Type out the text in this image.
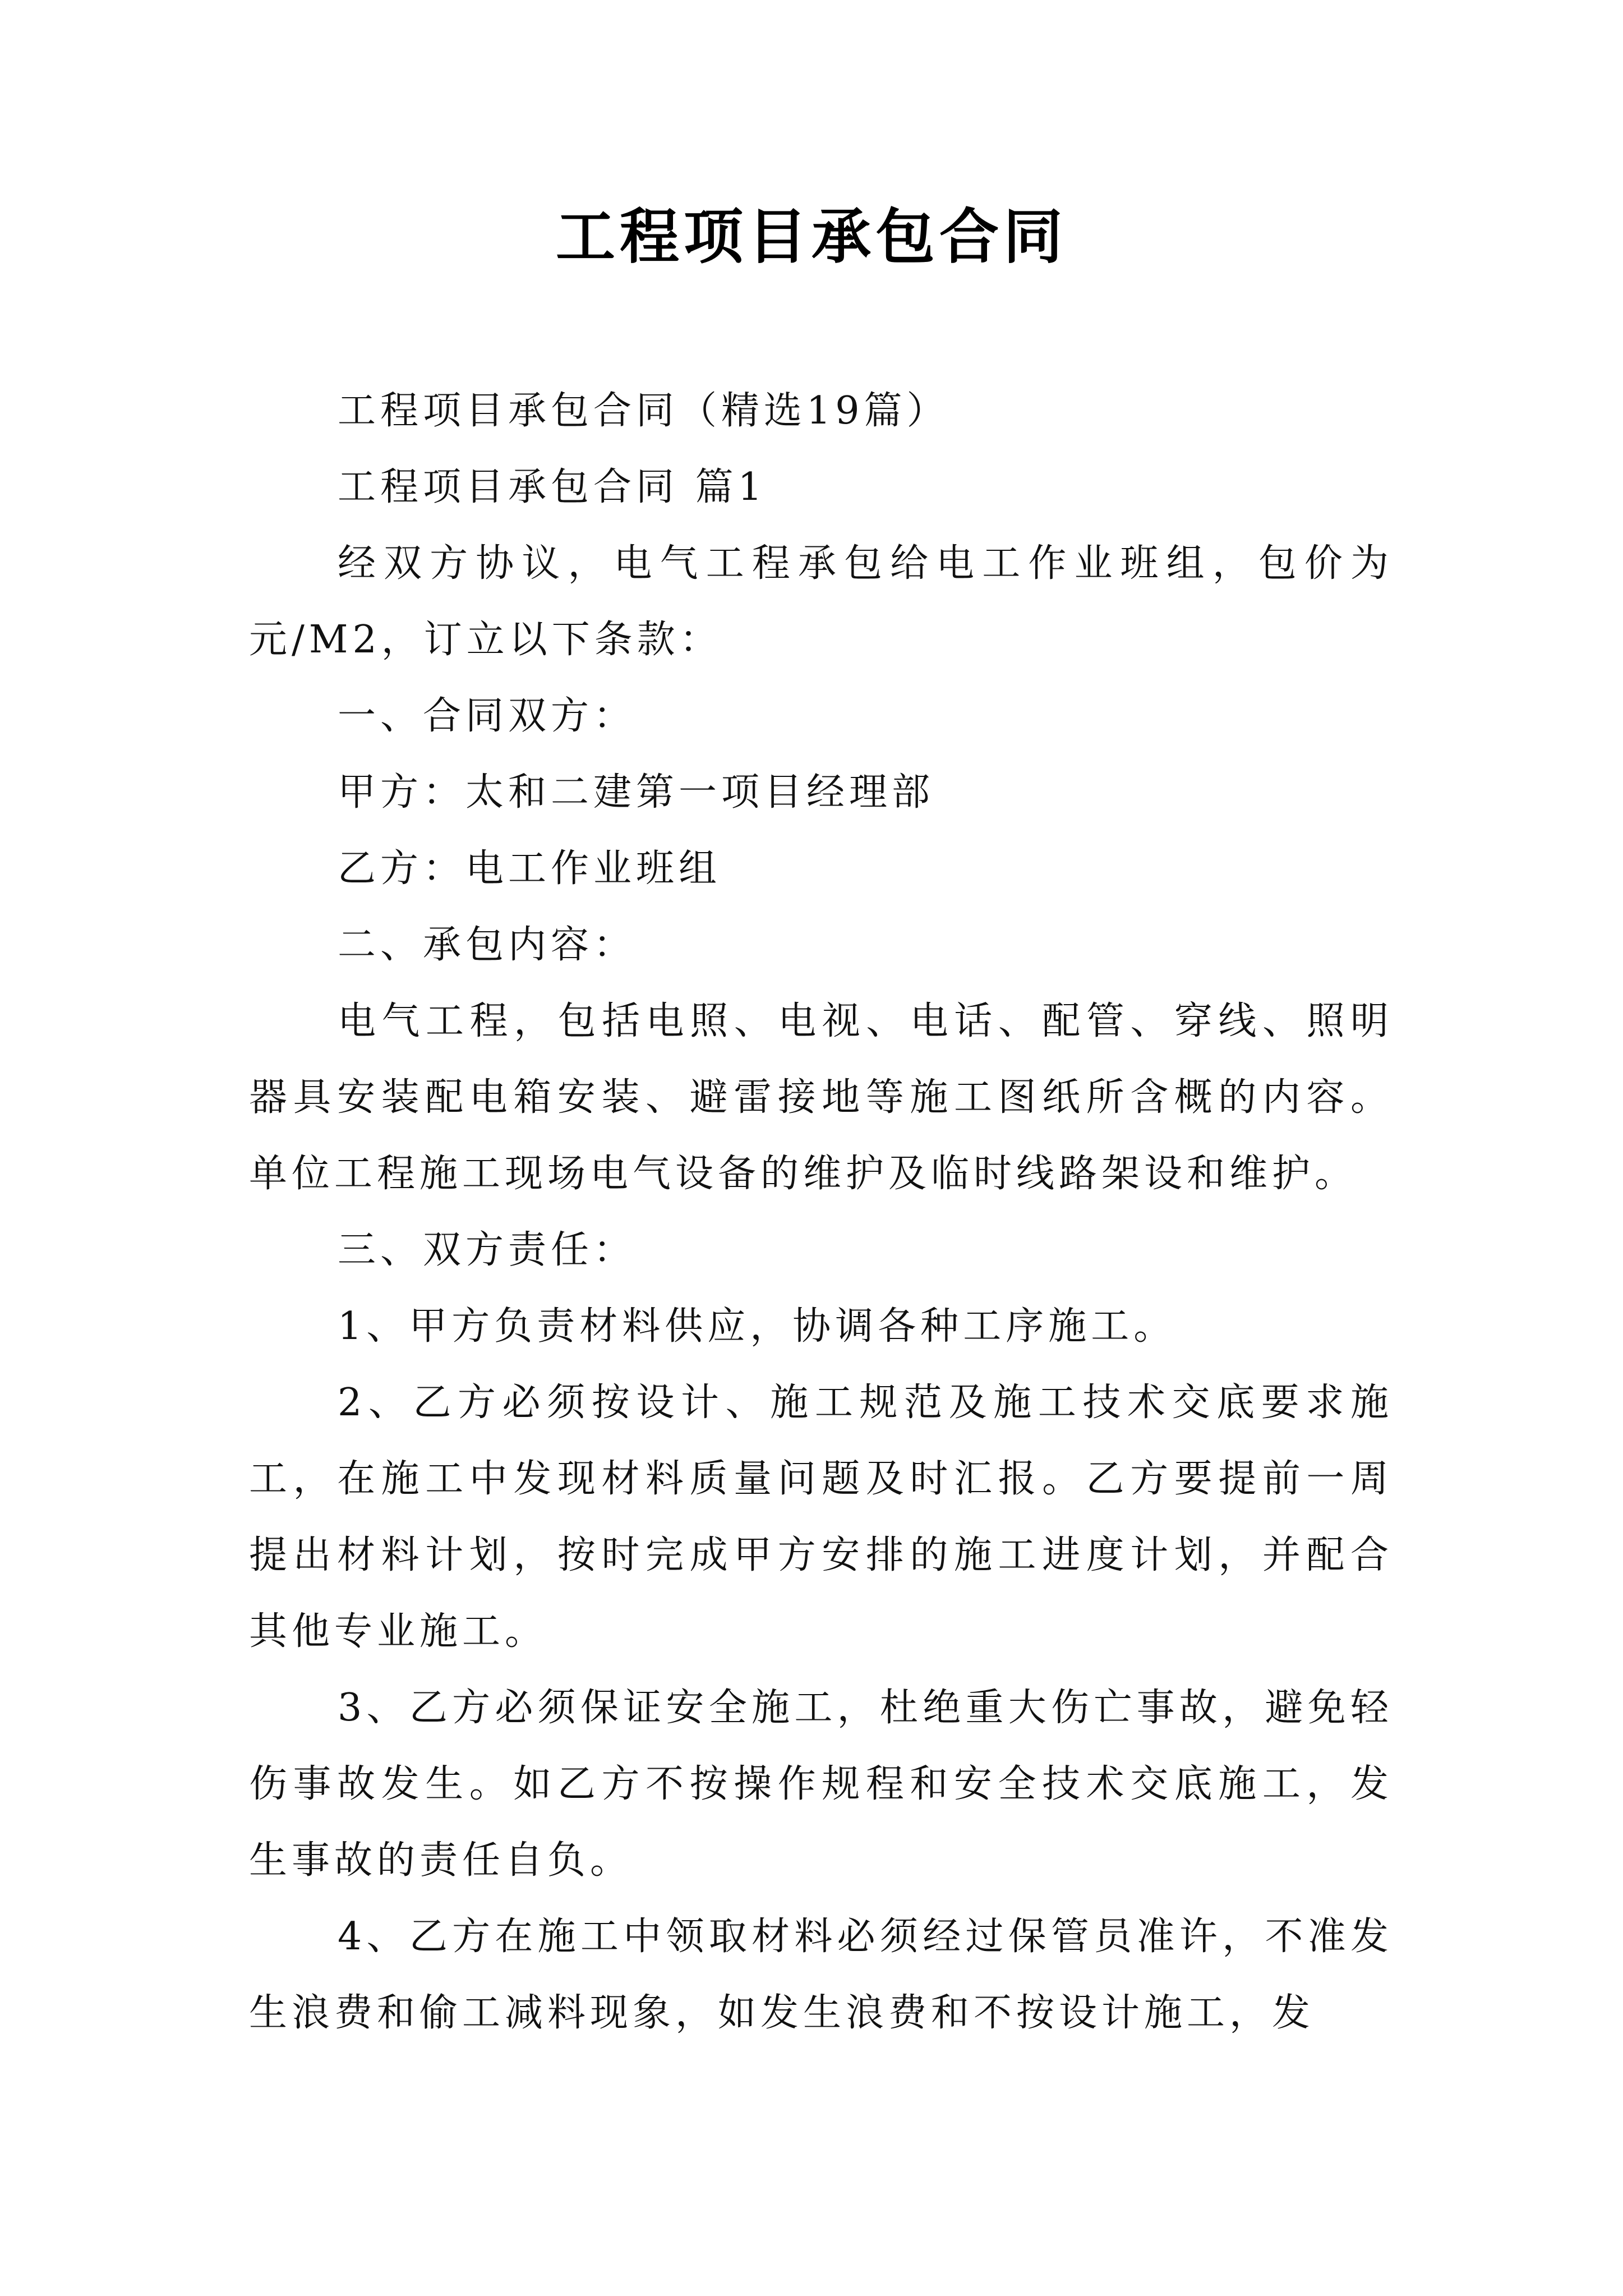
工程项目承包合同

工程项目承包合同（精选19篇）

工程项目承包合同 篇1

经双方协议，电气工程承包给电工作业班组，包价为元/M2，订立以下条款：

一、合同双方：

甲方：太和二建第一项目经理部

乙方：电工作业班组

二、承包内容：

电气工程，包括电照、电视、电话、配管、穿线、照明器具安装配电箱安装、避雷接地等施工图纸所含概的内容。单位工程施工现场电气设备的维护及临时线路架设和维护。

三、双方责任：

1、甲方负责材料供应，协调各种工序施工。

2、乙方必须按设计、施工规范及施工技术交底要求施工，在施工中发现材料质量问题及时汇报。乙方要提前一周提出材料计划，按时完成甲方安排的施工进度计划，并配合其他专业施工。

3、乙方必须保证安全施工，杜绝重大伤亡事故，避免轻伤事故发生。如乙方不按操作规程和安全技术交底施工，发生事故的责任自负。

4、乙方在施工中领取材料必须经过保管员准许，不准发生浪费和偷工减料现象，如发生浪费和不按设计施工，发
